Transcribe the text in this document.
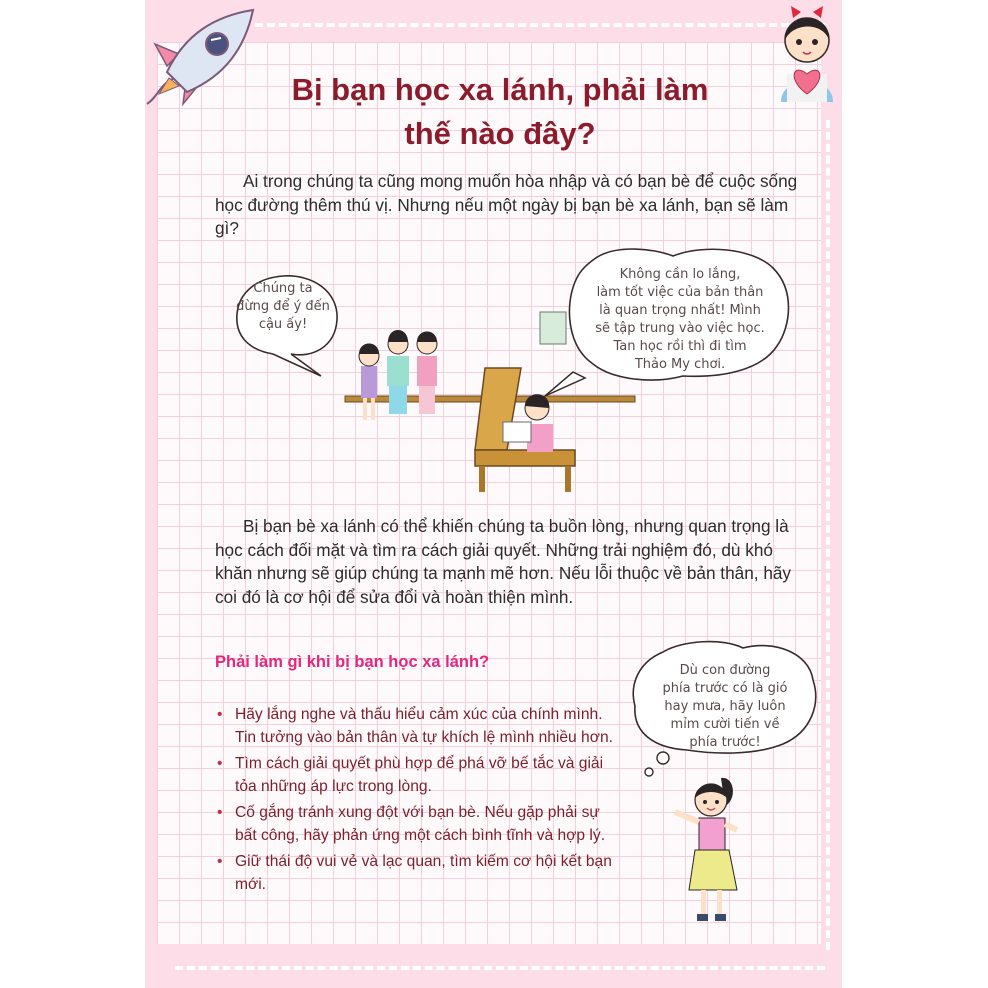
Bị bạn học xa lánh, phải làm
thế nào đây?

Ai trong chúng ta cũng mong muốn hòa nhập và có bạn bè để cuộc sống học đường thêm thú vị. Nhưng nếu một ngày bị bạn bè xa lánh, bạn sẽ làm gì?

Chúng ta
đừng để ý đến
cậu ấy!
Không cần lo lắng,
làm tốt việc của bản thân
là quan trọng nhất! Mình
sẽ tập trung vào việc học.
Tan học rồi thì đi tìm
Thảo My chơi.

Bị bạn bè xa lánh có thể khiến chúng ta buồn lòng, nhưng quan trọng là học cách đối mặt và tìm ra cách giải quyết. Những trải nghiệm đó, dù khó khăn nhưng sẽ giúp chúng ta mạnh mẽ hơn. Nếu lỗi thuộc về bản thân, hãy coi đó là cơ hội để sửa đổi và hoàn thiện mình.

Phải làm gì khi bị bạn học xa lánh?
• Hãy lắng nghe và thấu hiểu cảm xúc của chính mình. Tin tưởng vào bản thân và tự khích lệ mình nhiều hơn.
• Tìm cách giải quyết phù hợp để phá vỡ bế tắc và giải tỏa những áp lực trong lòng.
• Cố gắng tránh xung đột với bạn bè. Nếu gặp phải sự bất công, hãy phản ứng một cách bình tĩnh và hợp lý.
• Giữ thái độ vui vẻ và lạc quan, tìm kiếm cơ hội kết bạn mới.
Dù con đường
phía trước có là gió
hay mưa, hãy luôn
mỉm cười tiến về
phía trước!
